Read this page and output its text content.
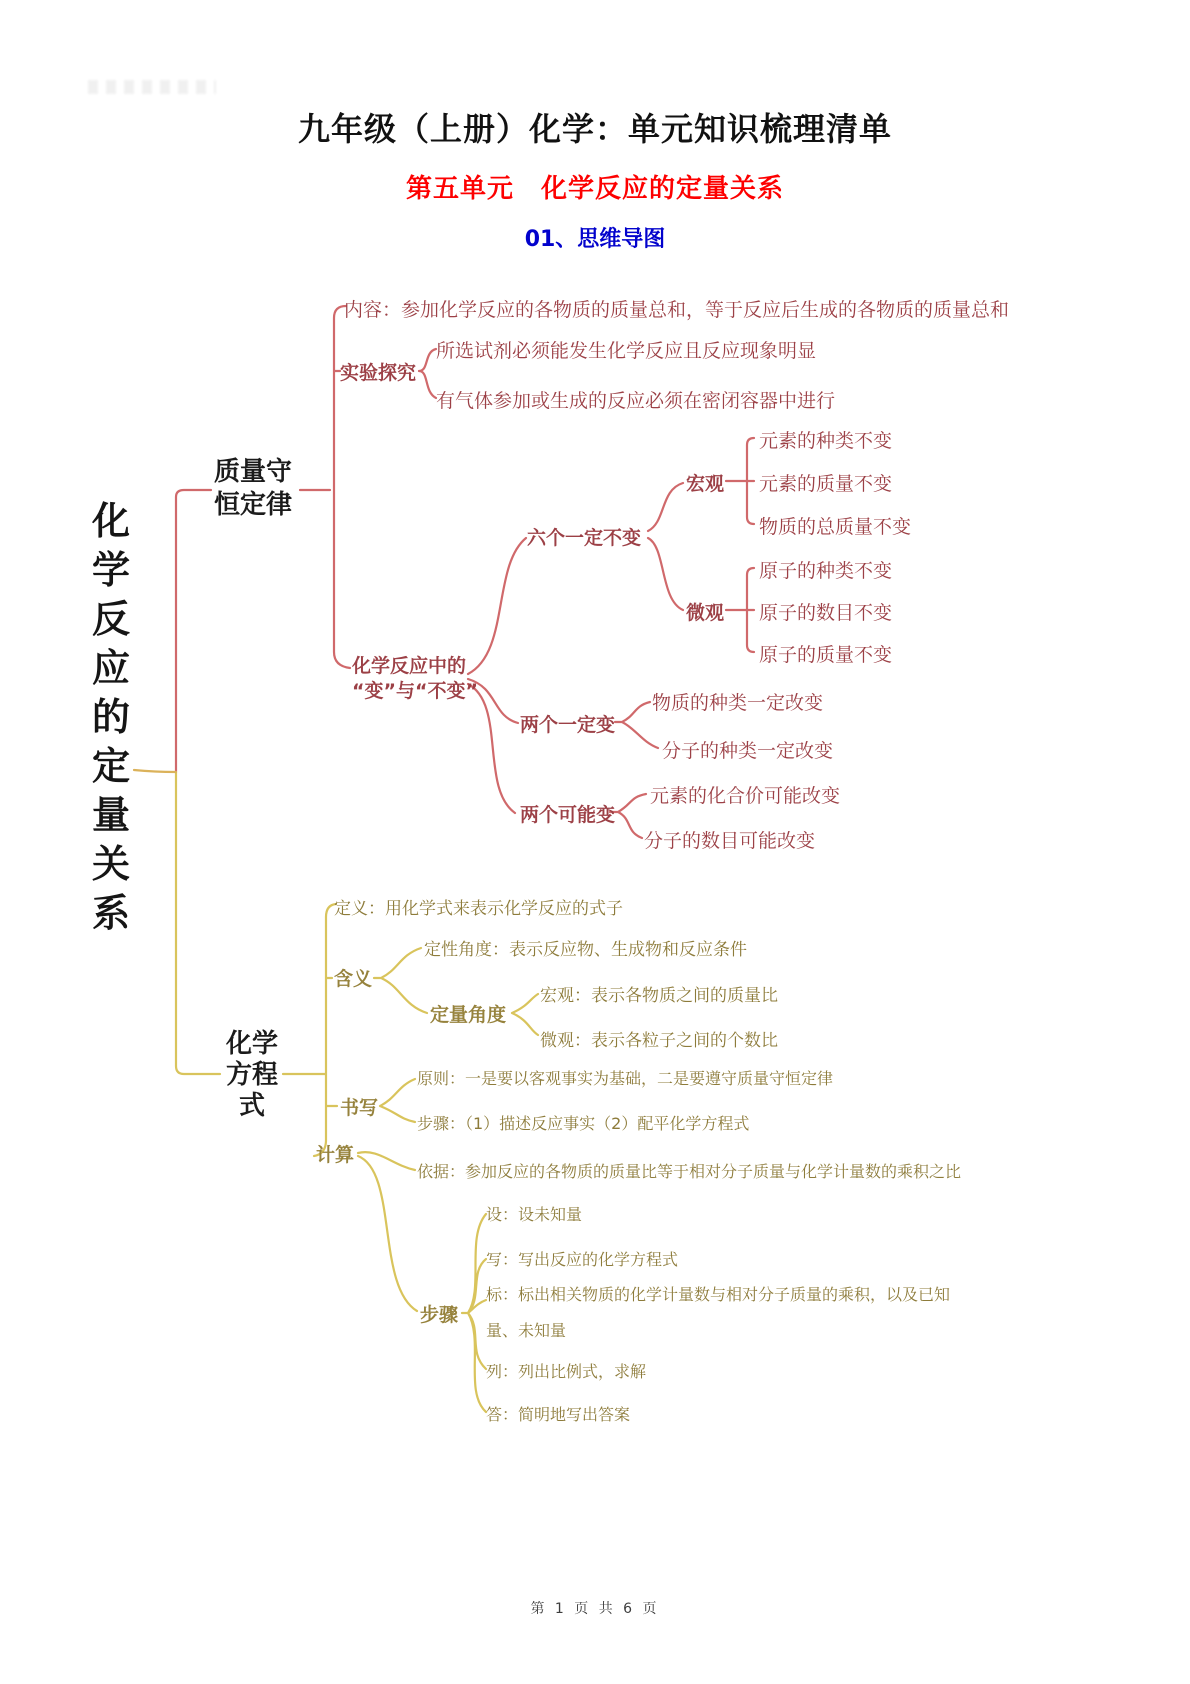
九年级（上册）化学：单元知识梳理清单
第五单元　化学反应的定量关系
01、思维导图
化学反应的定量关系
质量守恒定律
化学方程式
内容：参加化学反应的各物质的质量总和，等于反应后生成的各物质的质量总和
所选试剂必须能发生化学反应且反应现象明显
实验探究
有气体参加或生成的反应必须在密闭容器中进行
元素的种类不变
宏观 元素的质量不变
物质的总质量不变
六个一定不变
原子的种类不变
微观 原子的数目不变
原子的质量不变
化学反应中的
“变”与“不变”
物质的种类一定改变
两个一定变
分子的种类一定改变
元素的化合价可能改变
两个可能变
分子的数目可能改变
定义：用化学式来表示化学反应的式子
定性角度：表示反应物、生成物和反应条件
含义
宏观：表示各物质之间的质量比
定量角度
微观：表示各粒子之间的个数比
原则：一是要以客观事实为基础，二是要遵守质量守恒定律
书写
步骤：（1）描述反应事实（2）配平化学方程式
计算
依据：参加反应的各物质的质量比等于相对分子质量与化学计量数的乘积之比
设：设未知量
写：写出反应的化学方程式
标：标出相关物质的化学计量数与相对分子质量的乘积，以及已知量、未知量
步骤
列：列出比例式，求解
答：简明地写出答案
第 1 页 共 6 页
